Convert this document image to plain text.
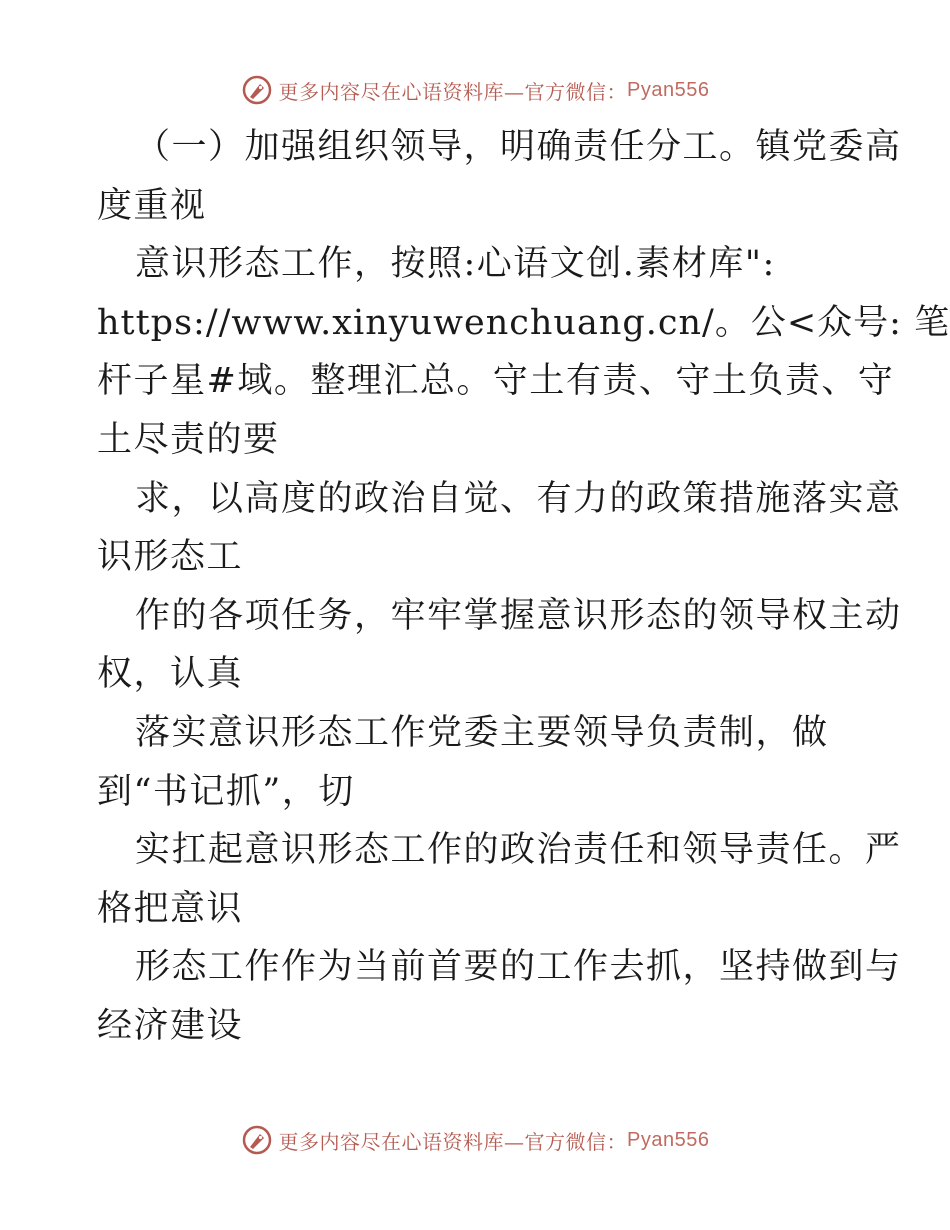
更多内容尽在心语资料库—官方微信： Pyan556
（一）加强组织领导，明确责任分工。镇党委高
度重视
意识形态工作，按照:心语文创.素材库":
https://www.xinyuwenchuang.cn/。公<众号: 笔
杆子星#域。整理汇总。守土有责、守土负责、守
土尽责的要
求，以高度的政治自觉、有力的政策措施落实意
识形态工
作的各项任务，牢牢掌握意识形态的领导权主动
权，认真
落实意识形态工作党委主要领导负责制，做
到“书记抓”，切
实扛起意识形态工作的政治责任和领导责任。严
格把意识
形态工作作为当前首要的工作去抓，坚持做到与
经济建设
更多内容尽在心语资料库—官方微信： Pyan556
